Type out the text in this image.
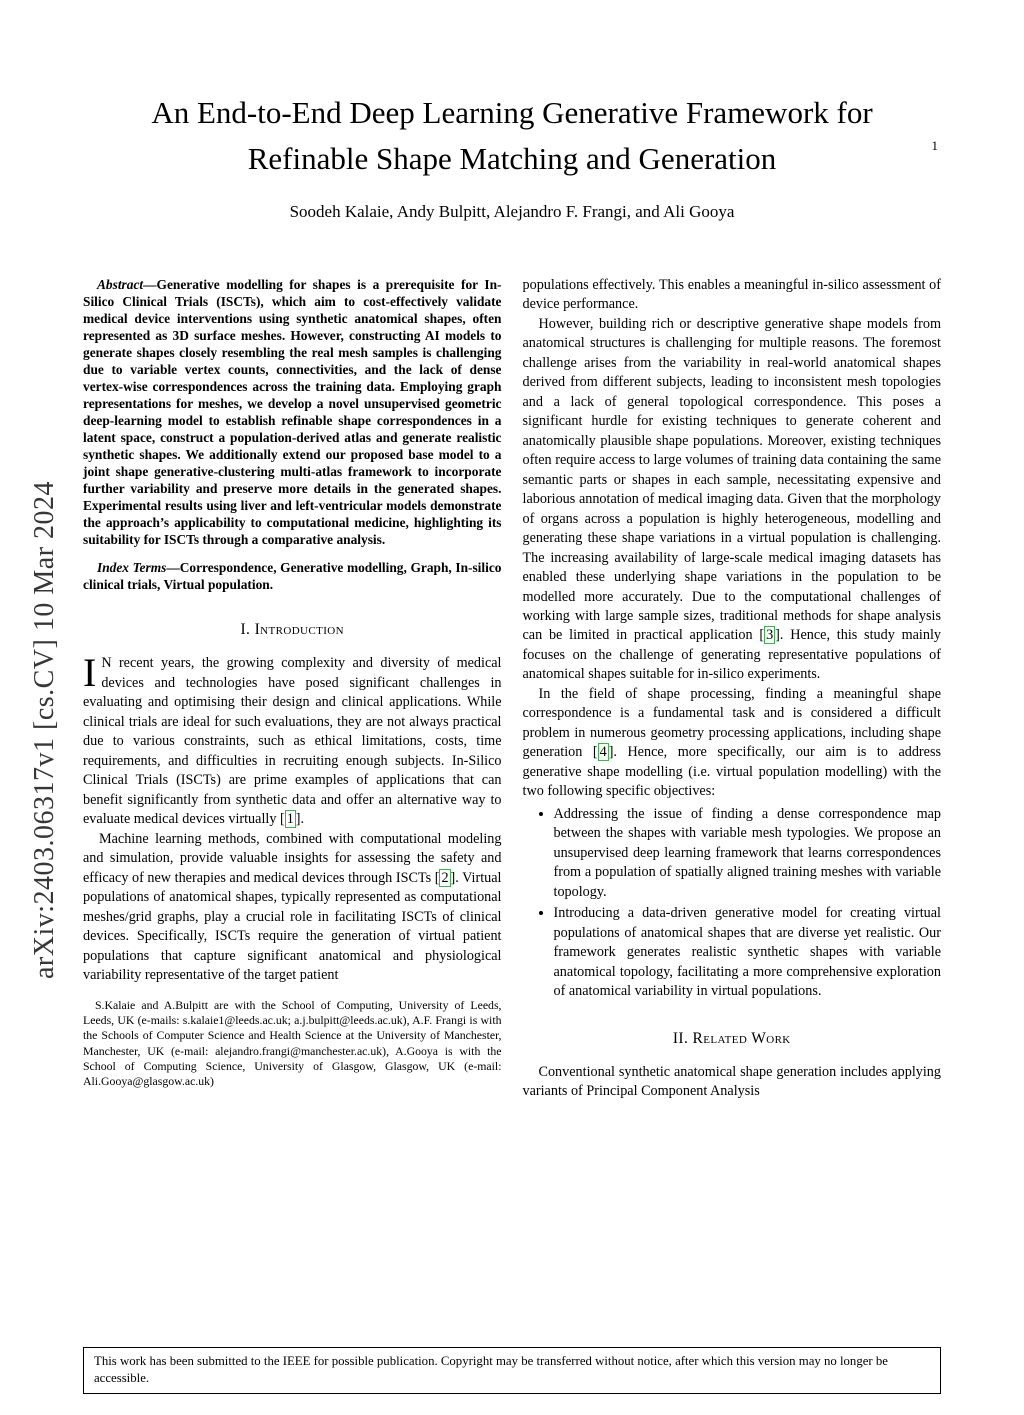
1
arXiv:2403.06317v1 [cs.CV] 10 Mar 2024
An End-to-End Deep Learning Generative Framework for Refinable Shape Matching and Generation
Soodeh Kalaie, Andy Bulpitt, Alejandro F. Frangi, and Ali Gooya

Abstract—Generative modelling for shapes is a prerequisite for In-Silico Clinical Trials (ISCTs), which aim to cost-effectively validate medical device interventions using synthetic anatomical shapes, often represented as 3D surface meshes. However, constructing AI models to generate shapes closely resembling the real mesh samples is challenging due to variable vertex counts, connectivities, and the lack of dense vertex-wise correspondences across the training data. Employing graph representations for meshes, we develop a novel unsupervised geometric deep-learning model to establish refinable shape correspondences in a latent space, construct a population-derived atlas and generate realistic synthetic shapes. We additionally extend our proposed base model to a joint shape generative-clustering multi-atlas framework to incorporate further variability and preserve more details in the generated shapes. Experimental results using liver and left-ventricular models demonstrate the approach’s applicability to computational medicine, highlighting its suitability for ISCTs through a comparative analysis.

Index Terms—Correspondence, Generative modelling, Graph, In-silico clinical trials, Virtual population.

I. Introduction

I N recent years, the growing complexity and diversity of medical devices and technologies have posed significant challenges in evaluating and optimising their design and clinical applications. While clinical trials are ideal for such evaluations, they are not always practical due to various constraints, such as ethical limitations, costs, time requirements, and difficulties in recruiting enough subjects. In-Silico Clinical Trials (ISCTs) are prime examples of applications that can benefit significantly from synthetic data and offer an alternative way to evaluate medical devices virtually [ 1 ].

Machine learning methods, combined with computational modeling and simulation, provide valuable insights for assessing the safety and efficacy of new therapies and medical devices through ISCTs [ 2 ]. Virtual populations of anatomical shapes, typically represented as computational meshes/grid graphs, play a crucial role in facilitating ISCTs of clinical devices. Specifically, ISCTs require the generation of virtual patient populations that capture significant anatomical and physiological variability representative of the target patient

S.Kalaie and A.Bulpitt are with the School of Computing, University of Leeds, Leeds, UK (e-mails: s.kalaie1@leeds.ac.uk; a.j.bulpitt@leeds.ac.uk), A.F. Frangi is with the Schools of Computer Science and Health Science at the University of Manchester, Manchester, UK (e-mail: alejandro.frangi@manchester.ac.uk), A.Gooya is with the School of Computing Science, University of Glasgow, Glasgow, UK (e-mail: Ali.Gooya@glasgow.ac.uk)

populations effectively. This enables a meaningful in-silico assessment of device performance.

However, building rich or descriptive generative shape models from anatomical structures is challenging for multiple reasons. The foremost challenge arises from the variability in real-world anatomical shapes derived from different subjects, leading to inconsistent mesh topologies and a lack of general topological correspondence. This poses a significant hurdle for existing techniques to generate coherent and anatomically plausible shape populations. Moreover, existing techniques often require access to large volumes of training data containing the same semantic parts or shapes in each sample, necessitating expensive and laborious annotation of medical imaging data. Given that the morphology of organs across a population is highly heterogeneous, modelling and generating these shape variations in a virtual population is challenging. The increasing availability of large-scale medical imaging datasets has enabled these underlying shape variations in the population to be modelled more accurately. Due to the computational challenges of working with large sample sizes, traditional methods for shape analysis can be limited in practical application [ 3 ]. Hence, this study mainly focuses on the challenge of generating representative populations of anatomical shapes suitable for in-silico experiments.

In the field of shape processing, finding a meaningful shape correspondence is a fundamental task and is considered a difficult problem in numerous geometry processing applications, including shape generation [ 4 ]. Hence, more specifically, our aim is to address generative shape modelling (i.e. virtual population modelling) with the two following specific objectives:

• Addressing the issue of finding a dense correspondence map between the shapes with variable mesh typologies. We propose an unsupervised deep learning framework that learns correspondences from a population of spatially aligned training meshes with variable topology.
• Introducing a data-driven generative model for creating virtual populations of anatomical shapes that are diverse yet realistic. Our framework generates realistic synthetic shapes with variable anatomical topology, facilitating a more comprehensive exploration of anatomical variability in virtual populations.
II. Related Work

Conventional synthetic anatomical shape generation includes applying variants of Principal Component Analysis

This work has been submitted to the IEEE for possible publication. Copyright may be transferred without notice, after which this version may no longer be accessible.
